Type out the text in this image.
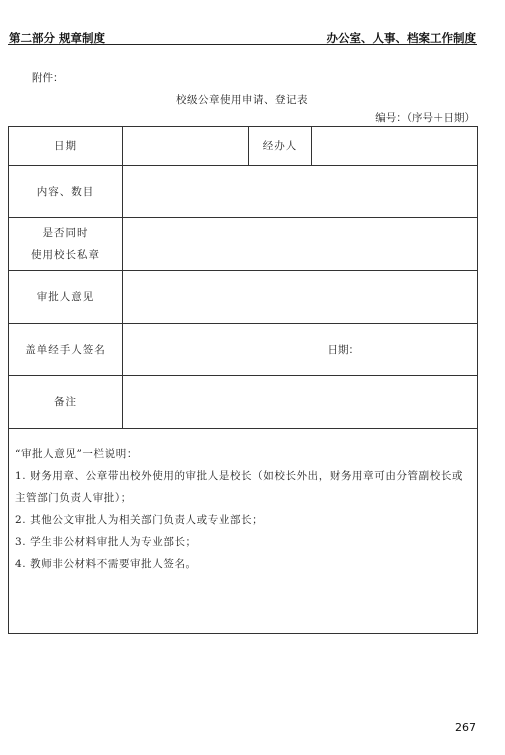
第二部分 规章制度	办公室、人事、档案工作制度
附件：
校级公章使用申请、登记表
编号：（序号＋日期）
日期		经办人	
内容、数目			

是否同时
使用校长私章			

审批人意见			
盖单经手人签名	日期：		
备注			

“审批人意见”一栏说明：

1. 财务用章、公章带出校外使用的审批人是校长（如校长外出，财务用章可由分管副校长或主管部门负责人审批）；

2. 其他公文审批人为相关部门负责人或专业部长；

3. 学生非公材料审批人为专业部长；

4. 教师非公材料不需要审批人签名。			

267
